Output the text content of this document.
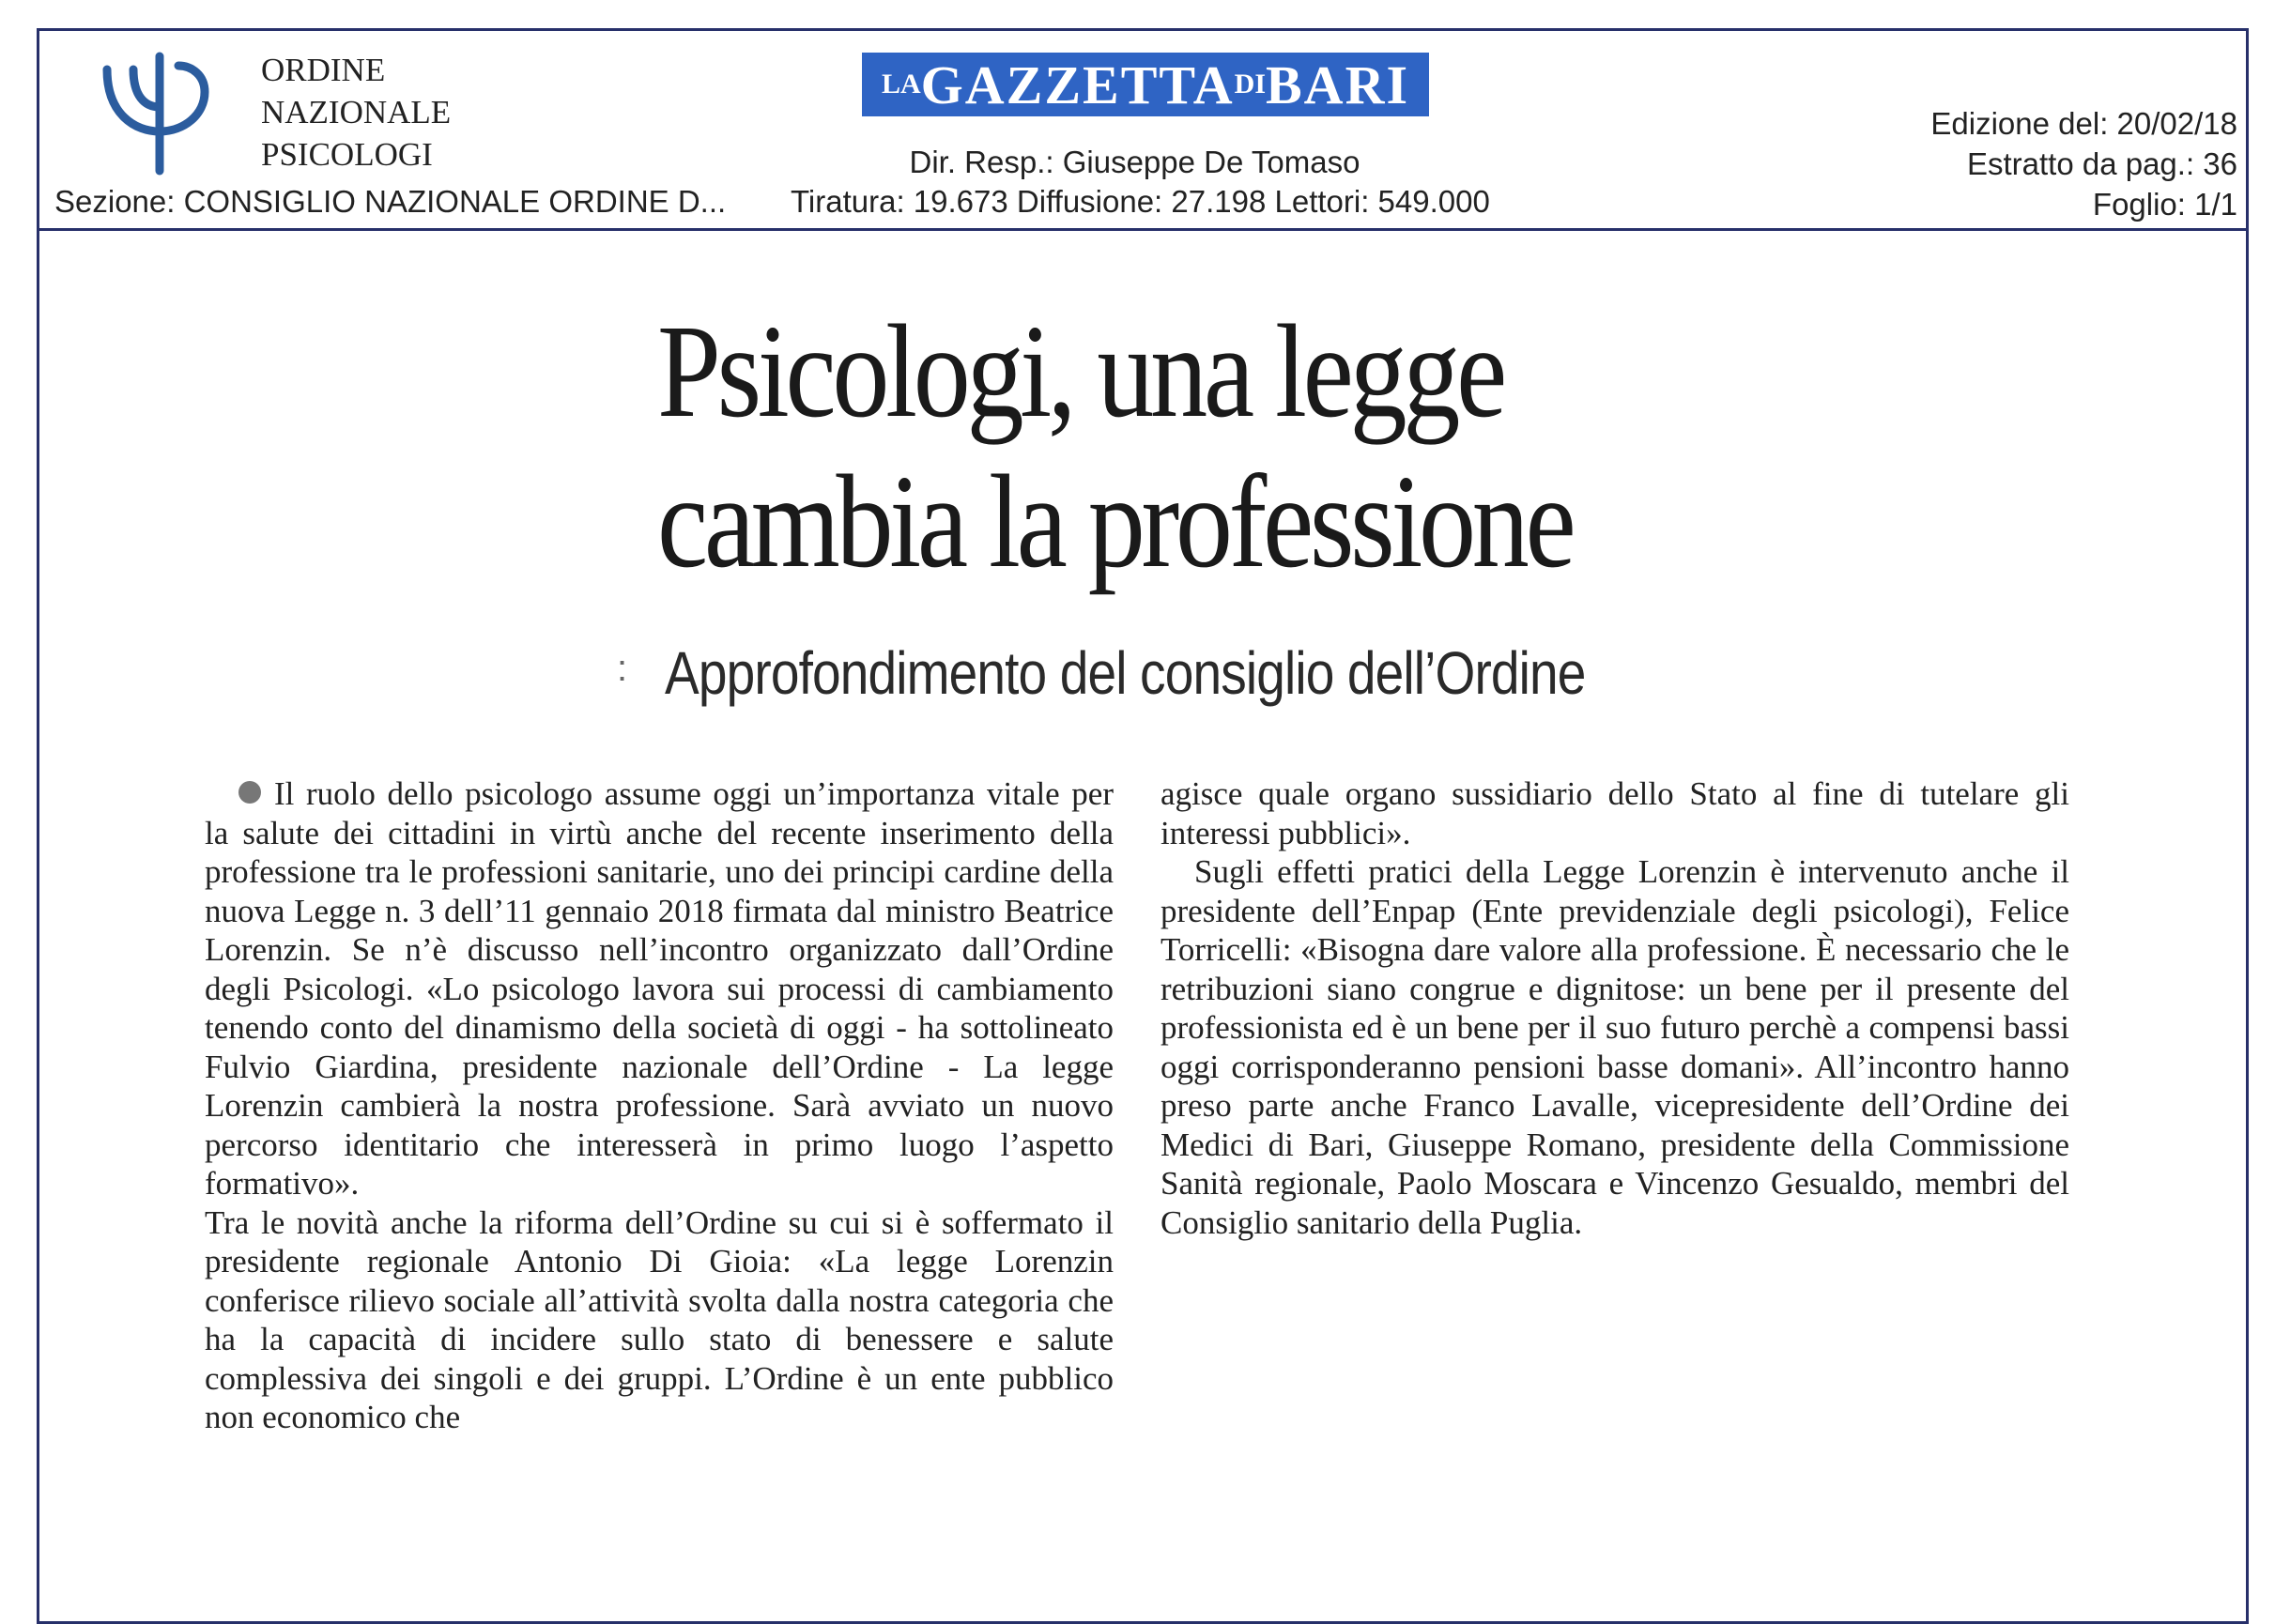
ORDINE
NAZIONALE
PSICOLOGI
Sezione: CONSIGLIO NAZIONALE ORDINE D...
LA GAZZETTA DI BARI
Dir. Resp.: Giuseppe De Tomaso
Tiratura: 19.673 Diffusione: 27.198 Lettori: 549.000
Edizione del: 20/02/18
Estratto da pag.: 36
Foglio: 1/1
Psicologi, una legge
cambia la professione
: Approfondimento del consiglio dell’Ordine

Il ruolo dello psicologo assume oggi un’importanza vitale per la salute dei cittadini in virtù anche del recente inserimento della professione tra le professioni sanitarie, uno dei principi cardine della nuova Legge n. 3 dell’11 gennaio 2018 firmata dal ministro Beatrice Lorenzin. Se n’è discusso nell’incontro organizzato dall’Ordine degli Psicologi. «Lo psicologo lavora sui processi di cambiamento tenendo conto del dinamismo della società di oggi - ha sottolineato Fulvio Giardina, presidente nazionale dell’Ordine - La legge Lorenzin cambierà la nostra professione. Sarà avviato un nuovo percorso identitario che interesserà in primo luogo l’aspetto formativo».

Tra le novità anche la riforma dell’Ordine su cui si è soffermato il presidente regionale Antonio Di Gioia: «La legge Lorenzin conferisce rilievo sociale all’attività svolta dalla nostra categoria che ha la capacità di incidere sullo stato di benessere e salute complessiva dei singoli e dei gruppi. L’Ordine è un ente pubblico non economico che

agisce quale organo sussidiario dello Stato al fine di tutelare gli interessi pubblici».

Sugli effetti pratici della Legge Lorenzin è intervenuto anche il presidente dell’Enpap (Ente previdenziale degli psicologi), Felice Torricelli: «Bisogna dare valore alla professione. È necessario che le retribuzioni siano congrue e dignitose: un bene per il presente del professionista ed è un bene per il suo futuro perchè a compensi bassi oggi corrisponderanno pensioni basse domani». All’incontro hanno preso parte anche Franco Lavalle, vicepresidente dell’Ordine dei Medici di Bari, Giuseppe Romano, presidente della Commissione Sanità regionale, Paolo Moscara e Vincenzo Gesualdo, membri del Consiglio sanitario della Puglia.
